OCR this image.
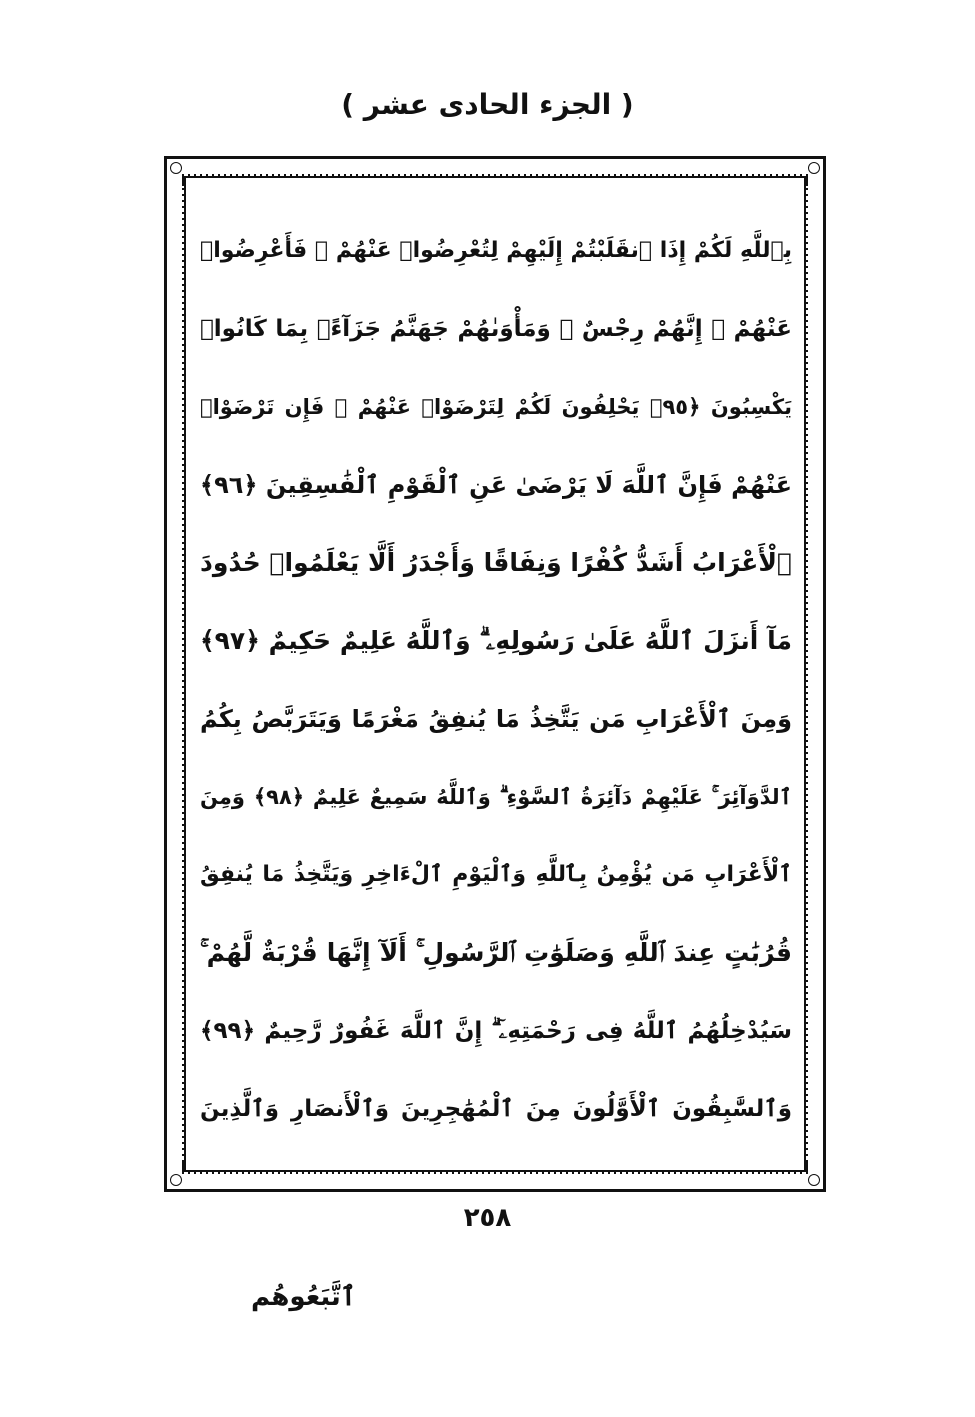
( الجزء الحادى عشر )
بِٱللَّهِ لَكُمْ إِذَا ٱنقَلَبْتُمْ إِلَيْهِمْ لِتُعْرِضُوا۟ عَنْهُمْ ۖ فَأَعْرِضُوا۟
عَنْهُمْ ۖ إِنَّهُمْ رِجْسٌ ۖ وَمَأْوَىٰهُمْ جَهَنَّمُ جَزَآءًۢ بِمَا كَانُوا۟
يَكْسِبُونَ ﴿٩٥﴾ يَحْلِفُونَ لَكُمْ لِتَرْضَوْا۟ عَنْهُمْ ۖ فَإِن تَرْضَوْا۟
عَنْهُمْ فَإِنَّ ٱللَّهَ لَا يَرْضَىٰ عَنِ ٱلْقَوْمِ ٱلْفَٰسِقِينَ ﴿٩٦﴾
ٱلْأَعْرَابُ أَشَدُّ كُفْرًا وَنِفَاقًا وَأَجْدَرُ أَلَّا يَعْلَمُوا۟ حُدُودَ
مَآ أَنزَلَ ٱللَّهُ عَلَىٰ رَسُولِهِۦ ۗ وَٱللَّهُ عَلِيمٌ حَكِيمٌ ﴿٩٧﴾
وَمِنَ ٱلْأَعْرَابِ مَن يَتَّخِذُ مَا يُنفِقُ مَغْرَمًا وَيَتَرَبَّصُ بِكُمُ
ٱلدَّوَآئِرَ ۚ عَلَيْهِمْ دَآئِرَةُ ٱلسَّوْءِ ۗ وَٱللَّهُ سَمِيعٌ عَلِيمٌ ﴿٩٨﴾ وَمِنَ
ٱلْأَعْرَابِ مَن يُؤْمِنُ بِٱللَّهِ وَٱلْيَوْمِ ٱلْءَاخِرِ وَيَتَّخِذُ مَا يُنفِقُ
قُرُبَٰتٍ عِندَ ٱللَّهِ وَصَلَوَٰتِ ٱلرَّسُولِ ۚ أَلَآ إِنَّهَا قُرْبَةٌ لَّهُمْ ۚ
سَيُدْخِلُهُمُ ٱللَّهُ فِى رَحْمَتِهِۦٓ ۗ إِنَّ ٱللَّهَ غَفُورٌ رَّحِيمٌ ﴿٩٩﴾
وَٱلسَّٰبِقُونَ ٱلْأَوَّلُونَ مِنَ ٱلْمُهَٰجِرِينَ وَٱلْأَنصَارِ وَٱلَّذِينَ
٢٥٨
ٱتَّبَعُوهُم
